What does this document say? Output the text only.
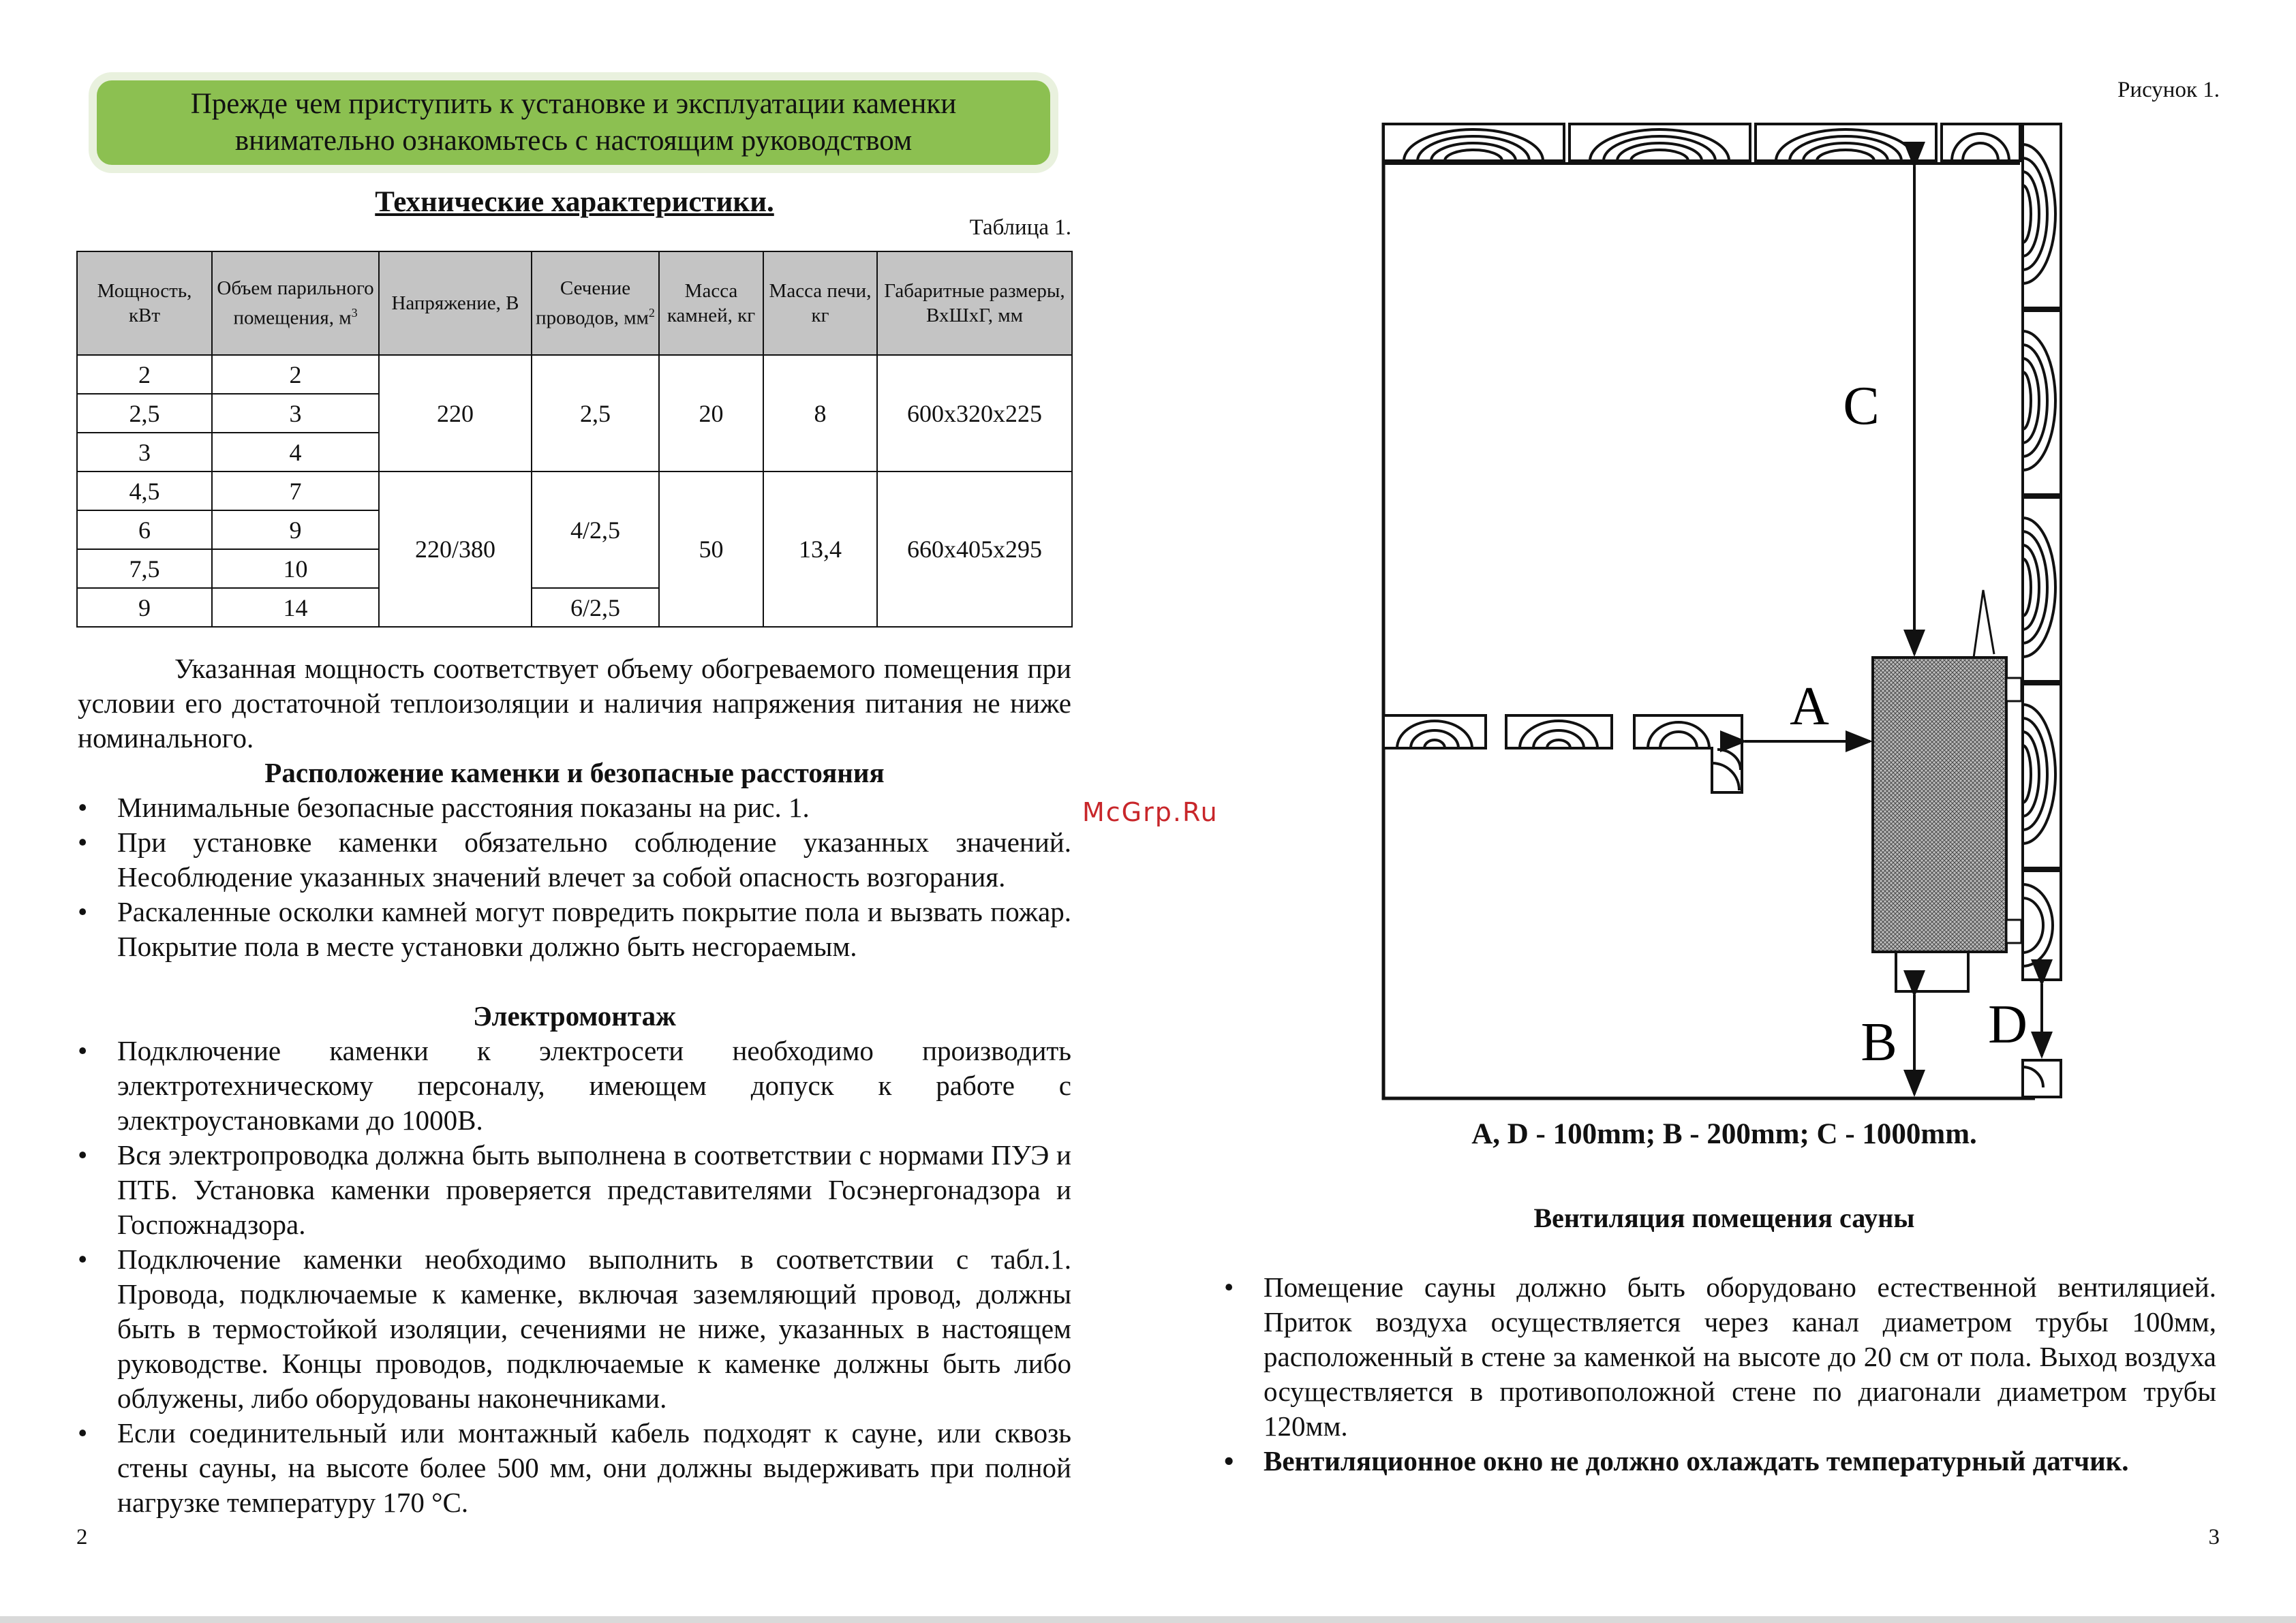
Прежде чем приступить к установке и эксплуатации каменки
внимательно ознакомьтесь с настоящим руководством
Технические характеристики.
Таблица 1.
Мощность, кВт	Объем парильного помещения, $м^3$	Напряжение, В	Сечение проводов, $мм^2$	Масса камней, кг	Масса печи, кг	Габаритные размеры, ВхШхГ, мм
2	2	220	2,5	20	8	600x320x225
2,5	3					
3	4					
4,5	7	220/380	4/2,5	50	13,4	660x405x295
6	9					
7,5	10					
9	14		6/2,5			
Указанная мощность соответствует объему обогреваемого помещения при условии его достаточной теплоизоляции и наличия напряжения питания не ниже номинального.
Расположение каменки и безопасные расстояния
• Минимальные безопасные расстояния показаны на рис. 1.
• При установке каменки обязательно соблюдение указанных значений. Несоблюдение указанных значений влечет за собой опасность возгорания.
• Раскаленные осколки камней могут повредить покрытие пола и вызвать пожар. Покрытие пола в месте установки должно быть несгораемым.
Электромонтаж
• Подключение каменки к электросети необходимо производить электротехническому персоналу, имеющем допуск к работе с электроустановками до 1000В.
• Вся электропроводка должна быть выполнена в соответствии с нормами ПУЭ и ПТБ. Установка каменки проверяется представителями Госэнергонадзора и Госпожнадзора.
• Подключение каменки необходимо выполнить в соответствии с табл.1. Провода, подключаемые к каменке, включая заземляющий провод, должны быть в термостойкой изоляции, сечениями не ниже, указанных в настоящем руководстве. Концы проводов, подключаемые к каменке должны быть либо облужены, либо оборудованы наконечниками.
• Если соединительный или монтажный кабель подходят к сауне, или сквозь стены сауны, на высоте более 500 мм, они должны выдерживать при полной нагрузке температуру 170 °С.
2
McGrp.Ru
Рисунок 1.
C
A
B D
A, D - 100mm; B - 200mm; C - 1000mm.
Вентиляция помещения сауны
• Помещение сауны должно быть оборудовано естественной вентиляцией. Приток воздуха осуществляется через канал диаметром трубы 100мм, расположенный в стене за каменкой на высоте до 20 см от пола. Выход воздуха осуществляется в противоположной стене по диагонали диаметром трубы 120мм.
• Вентиляционное окно не должно охлаждать температурный датчик.
3
